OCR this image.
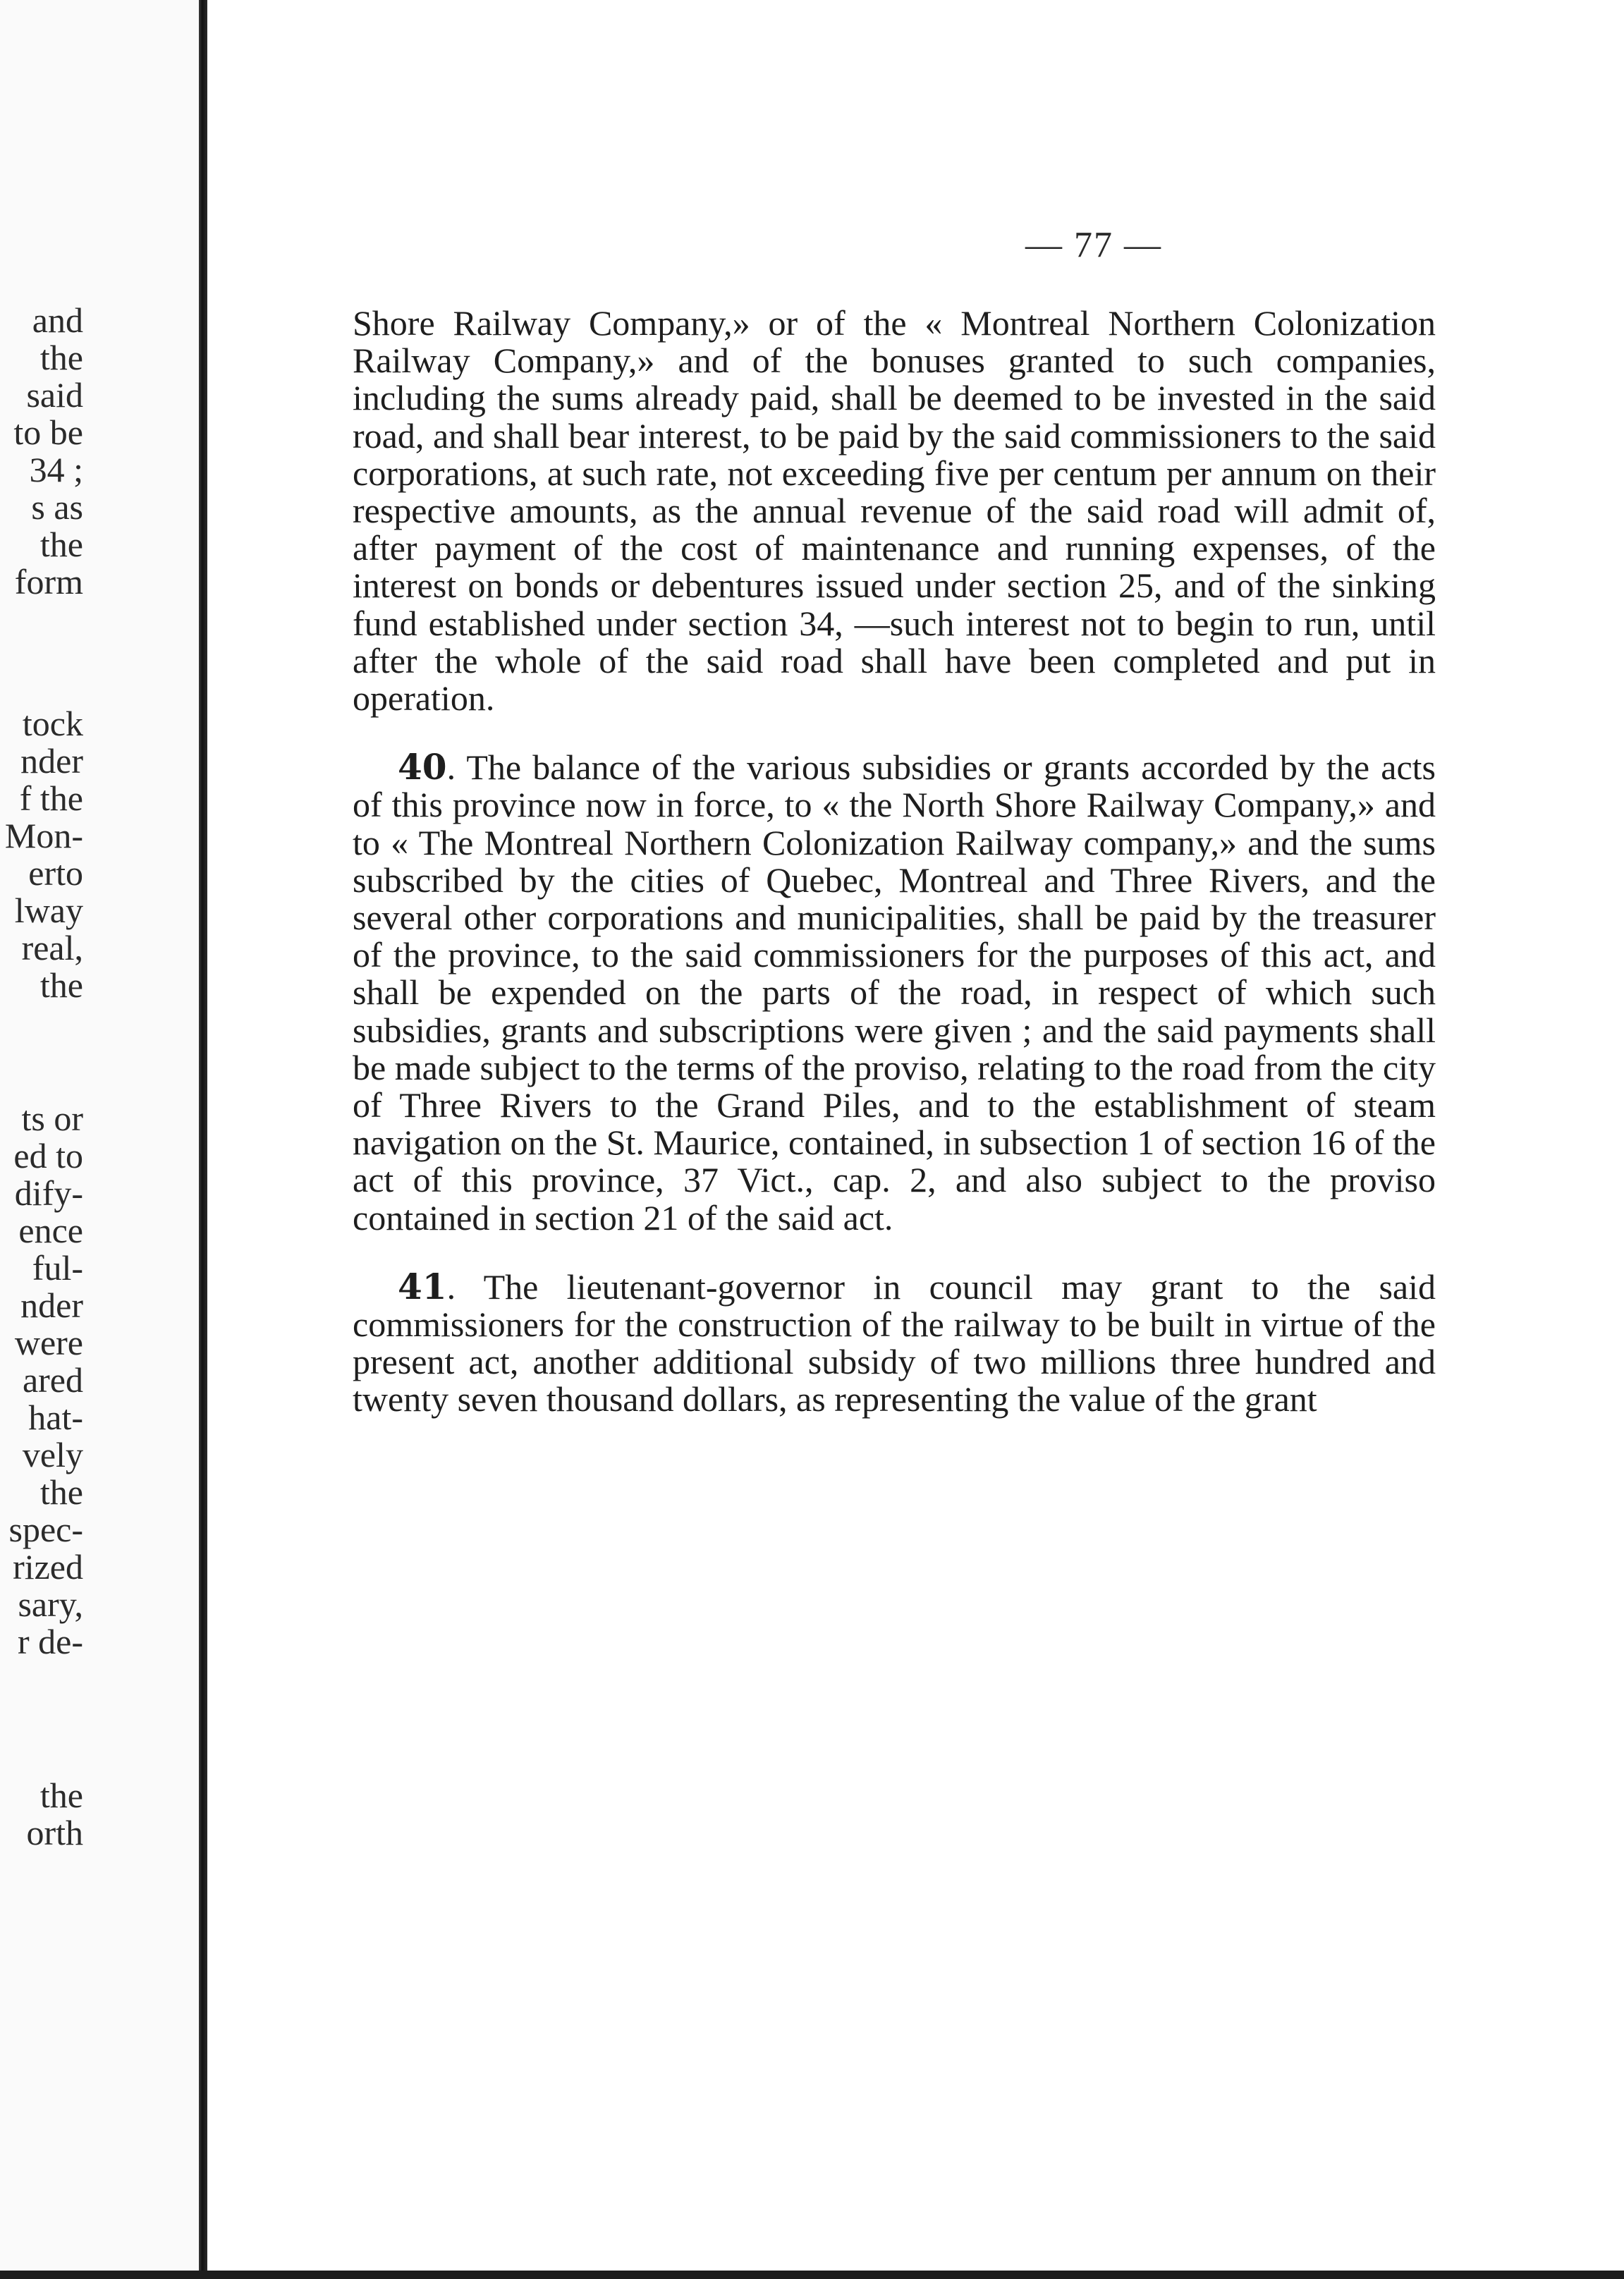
and
the
said
to be
34 ;
s as
the
form
tock
nder
f the
Mon-
erto
lway
real,
the
ts or
ed to
dify-
ence
ful-
nder
were
ared
hat-
vely
the
spec-
rized
sary,
r de-
the
orth
— 77 —

Shore Railway Company,» or of the « Montreal Northern Colonization Railway Company,» and of the bonuses granted to such companies, including the sums already paid, shall be deemed to be invested in the said road, and shall bear interest, to be paid by the said commissioners to the said corporations, at such rate, not exceeding five per centum per annum on their respective amounts, as the annual revenue of the said road will admit of, after payment of the cost of maintenance and running expenses, of the interest on bonds or debentures issued under section 25, and of the sinking fund established under section 34, —such interest not to begin to run, until after the whole of the said road shall have been completed and put in operation.

40. The balance of the various subsidies or grants accorded by the acts of this province now in force, to « the North Shore Railway Company,» and to « The Montreal Northern Colonization Railway company,» and the sums subscribed by the cities of Quebec, Montreal and Three Rivers, and the several other corporations and municipalities, shall be paid by the treasurer of the province, to the said commissioners for the purposes of this act, and shall be expended on the parts of the road, in respect of which such subsidies, grants and subscriptions were given ; and the said payments shall be made subject to the terms of the proviso, relating to the road from the city of Three Rivers to the Grand Piles, and to the establishment of steam navigation on the St. Maurice, contained, in subsection 1 of section 16 of the act of this province, 37 Vict., cap. 2, and also subject to the proviso contained in section 21 of the said act.

41. The lieutenant-governor in council may grant to the said commissioners for the construction of the railway to be built in virtue of the present act, another additional subsidy of two millions three hundred and twenty seven thousand dollars, as representing the value of the grant
